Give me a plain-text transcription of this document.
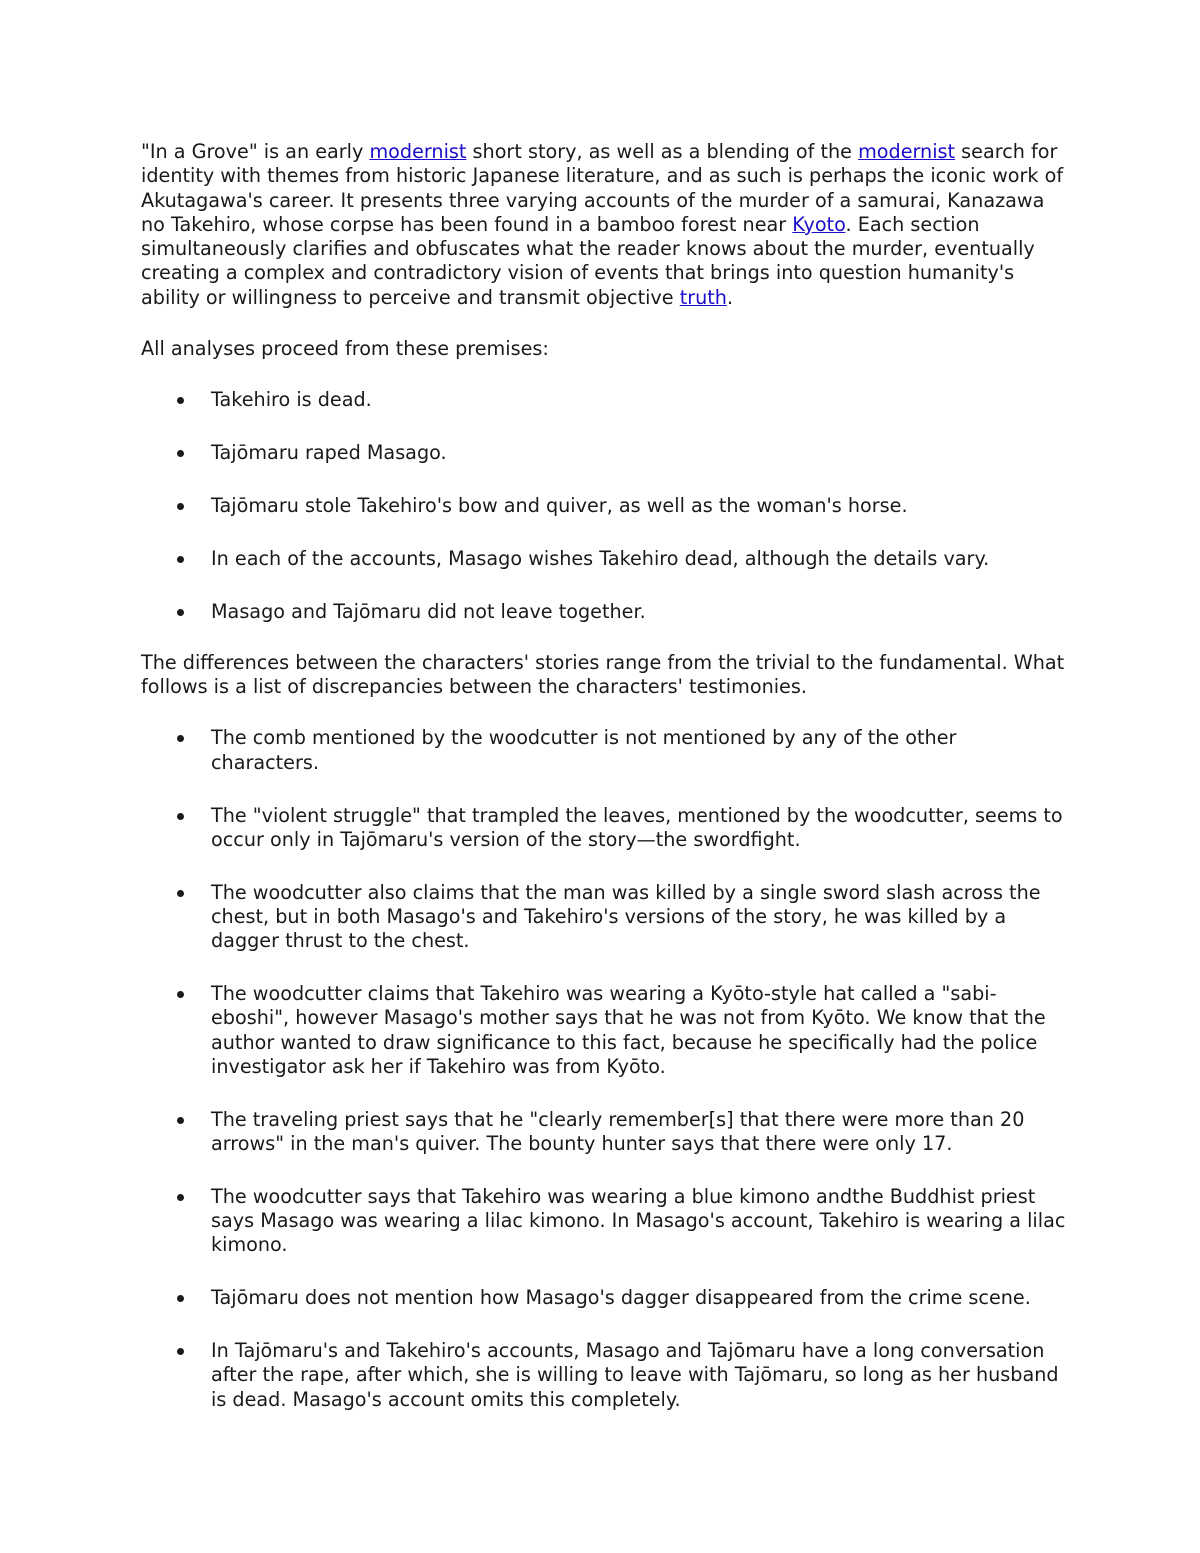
"In a Grove" is an early modernist short story, as well as a blending of the modernist search for identity with themes from historic Japanese literature, and as such is perhaps the iconic work of Akutagawa's career. It presents three varying accounts of the murder of a samurai, Kanazawa no Takehiro, whose corpse has been found in a bamboo forest near Kyoto. Each section simultaneously clarifies and obfuscates what the reader knows about the murder, eventually creating a complex and contradictory vision of events that brings into question humanity's ability or willingness to perceive and transmit objective truth.

All analyses proceed from these premises:

Takehiro is dead.
Tajōmaru raped Masago.
Tajōmaru stole Takehiro's bow and quiver, as well as the woman's horse.
In each of the accounts, Masago wishes Takehiro dead, although the details vary.
Masago and Tajōmaru did not leave together.

The differences between the characters' stories range from the trivial to the fundamental. What follows is a list of discrepancies between the characters' testimonies.

The comb mentioned by the woodcutter is not mentioned by any of the other characters.
The "violent struggle" that trampled the leaves, mentioned by the woodcutter, seems to occur only in Tajōmaru's version of the story—the swordfight.
The woodcutter also claims that the man was killed by a single sword slash across the chest, but in both Masago's and Takehiro's versions of the story, he was killed by a dagger thrust to the chest.
The woodcutter claims that Takehiro was wearing a Kyōto-style hat called a "sabi-eboshi", however Masago's mother says that he was not from Kyōto. We know that the author wanted to draw significance to this fact, because he specifically had the police investigator ask her if Takehiro was from Kyōto.
The traveling priest says that he "clearly remember[s] that there were more than 20 arrows" in the man's quiver. The bounty hunter says that there were only 17.
The woodcutter says that Takehiro was wearing a blue kimono andthe Buddhist priest says Masago was wearing a lilac kimono. In Masago's account, Takehiro is wearing a lilac kimono.
Tajōmaru does not mention how Masago's dagger disappeared from the crime scene.
In Tajōmaru's and Takehiro's accounts, Masago and Tajōmaru have a long conversation after the rape, after which, she is willing to leave with Tajōmaru, so long as her husband is dead. Masago's account omits this completely.
